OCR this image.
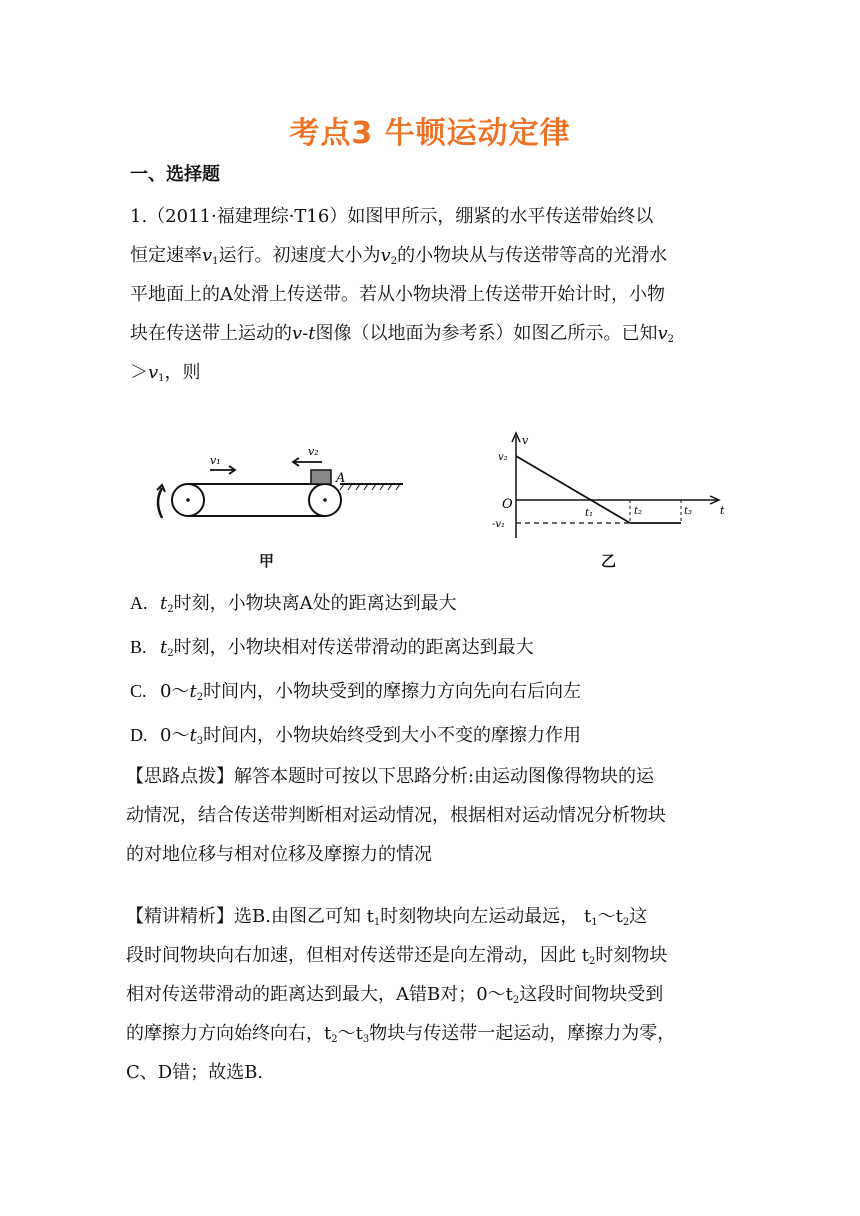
考点3 牛顿运动定律
一、选择题

1.（2011·福建理综·T16）如图甲所示，绷紧的水平传送带始终以

恒定速率$v_1$运行。初速度大小为$v_2$的小物块从与传送带等高的光滑水

平地面上的A处滑上传送带。若从小物块滑上传送带开始计时，小物

块在传送带上运动的v-t图像（以地面为参考系）如图乙所示。已知$v_2$

$>v_1$，则

v₁
v₂
A
甲
v₂
v
O
-v₁
t₁	t₂	t₃	t
乙
A. $t_2$时刻，小物块离A处的距离达到最大
B. $t_2$时刻，小物块相对传送带滑动的距离达到最大
C. $0\sim t_2$时间内，小物块受到的摩擦力方向先向右后向左
D. $0\sim t_3$时间内，小物块始终受到大小不变的摩擦力作用

【思路点拨】解答本题时可按以下思路分析:由运动图像得物块的运

动情况，结合传送带判断相对运动情况，根据相对运动情况分析物块

的对地位移与相对位移及摩擦力的情况

【精讲精析】选B.由图乙可知 $t_1$时刻物块向左运动最远， $t_1\sim t_2$这

段时间物块向右加速，但相对传送带还是向左滑动，因此 $t_2$时刻物块

相对传送带滑动的距离达到最大，A错B对；$0\sim t_2$这段时间物块受到

的摩擦力方向始终向右，$t_2\sim t_3$物块与传送带一起运动，摩擦力为零，

C、D错；故选B.
